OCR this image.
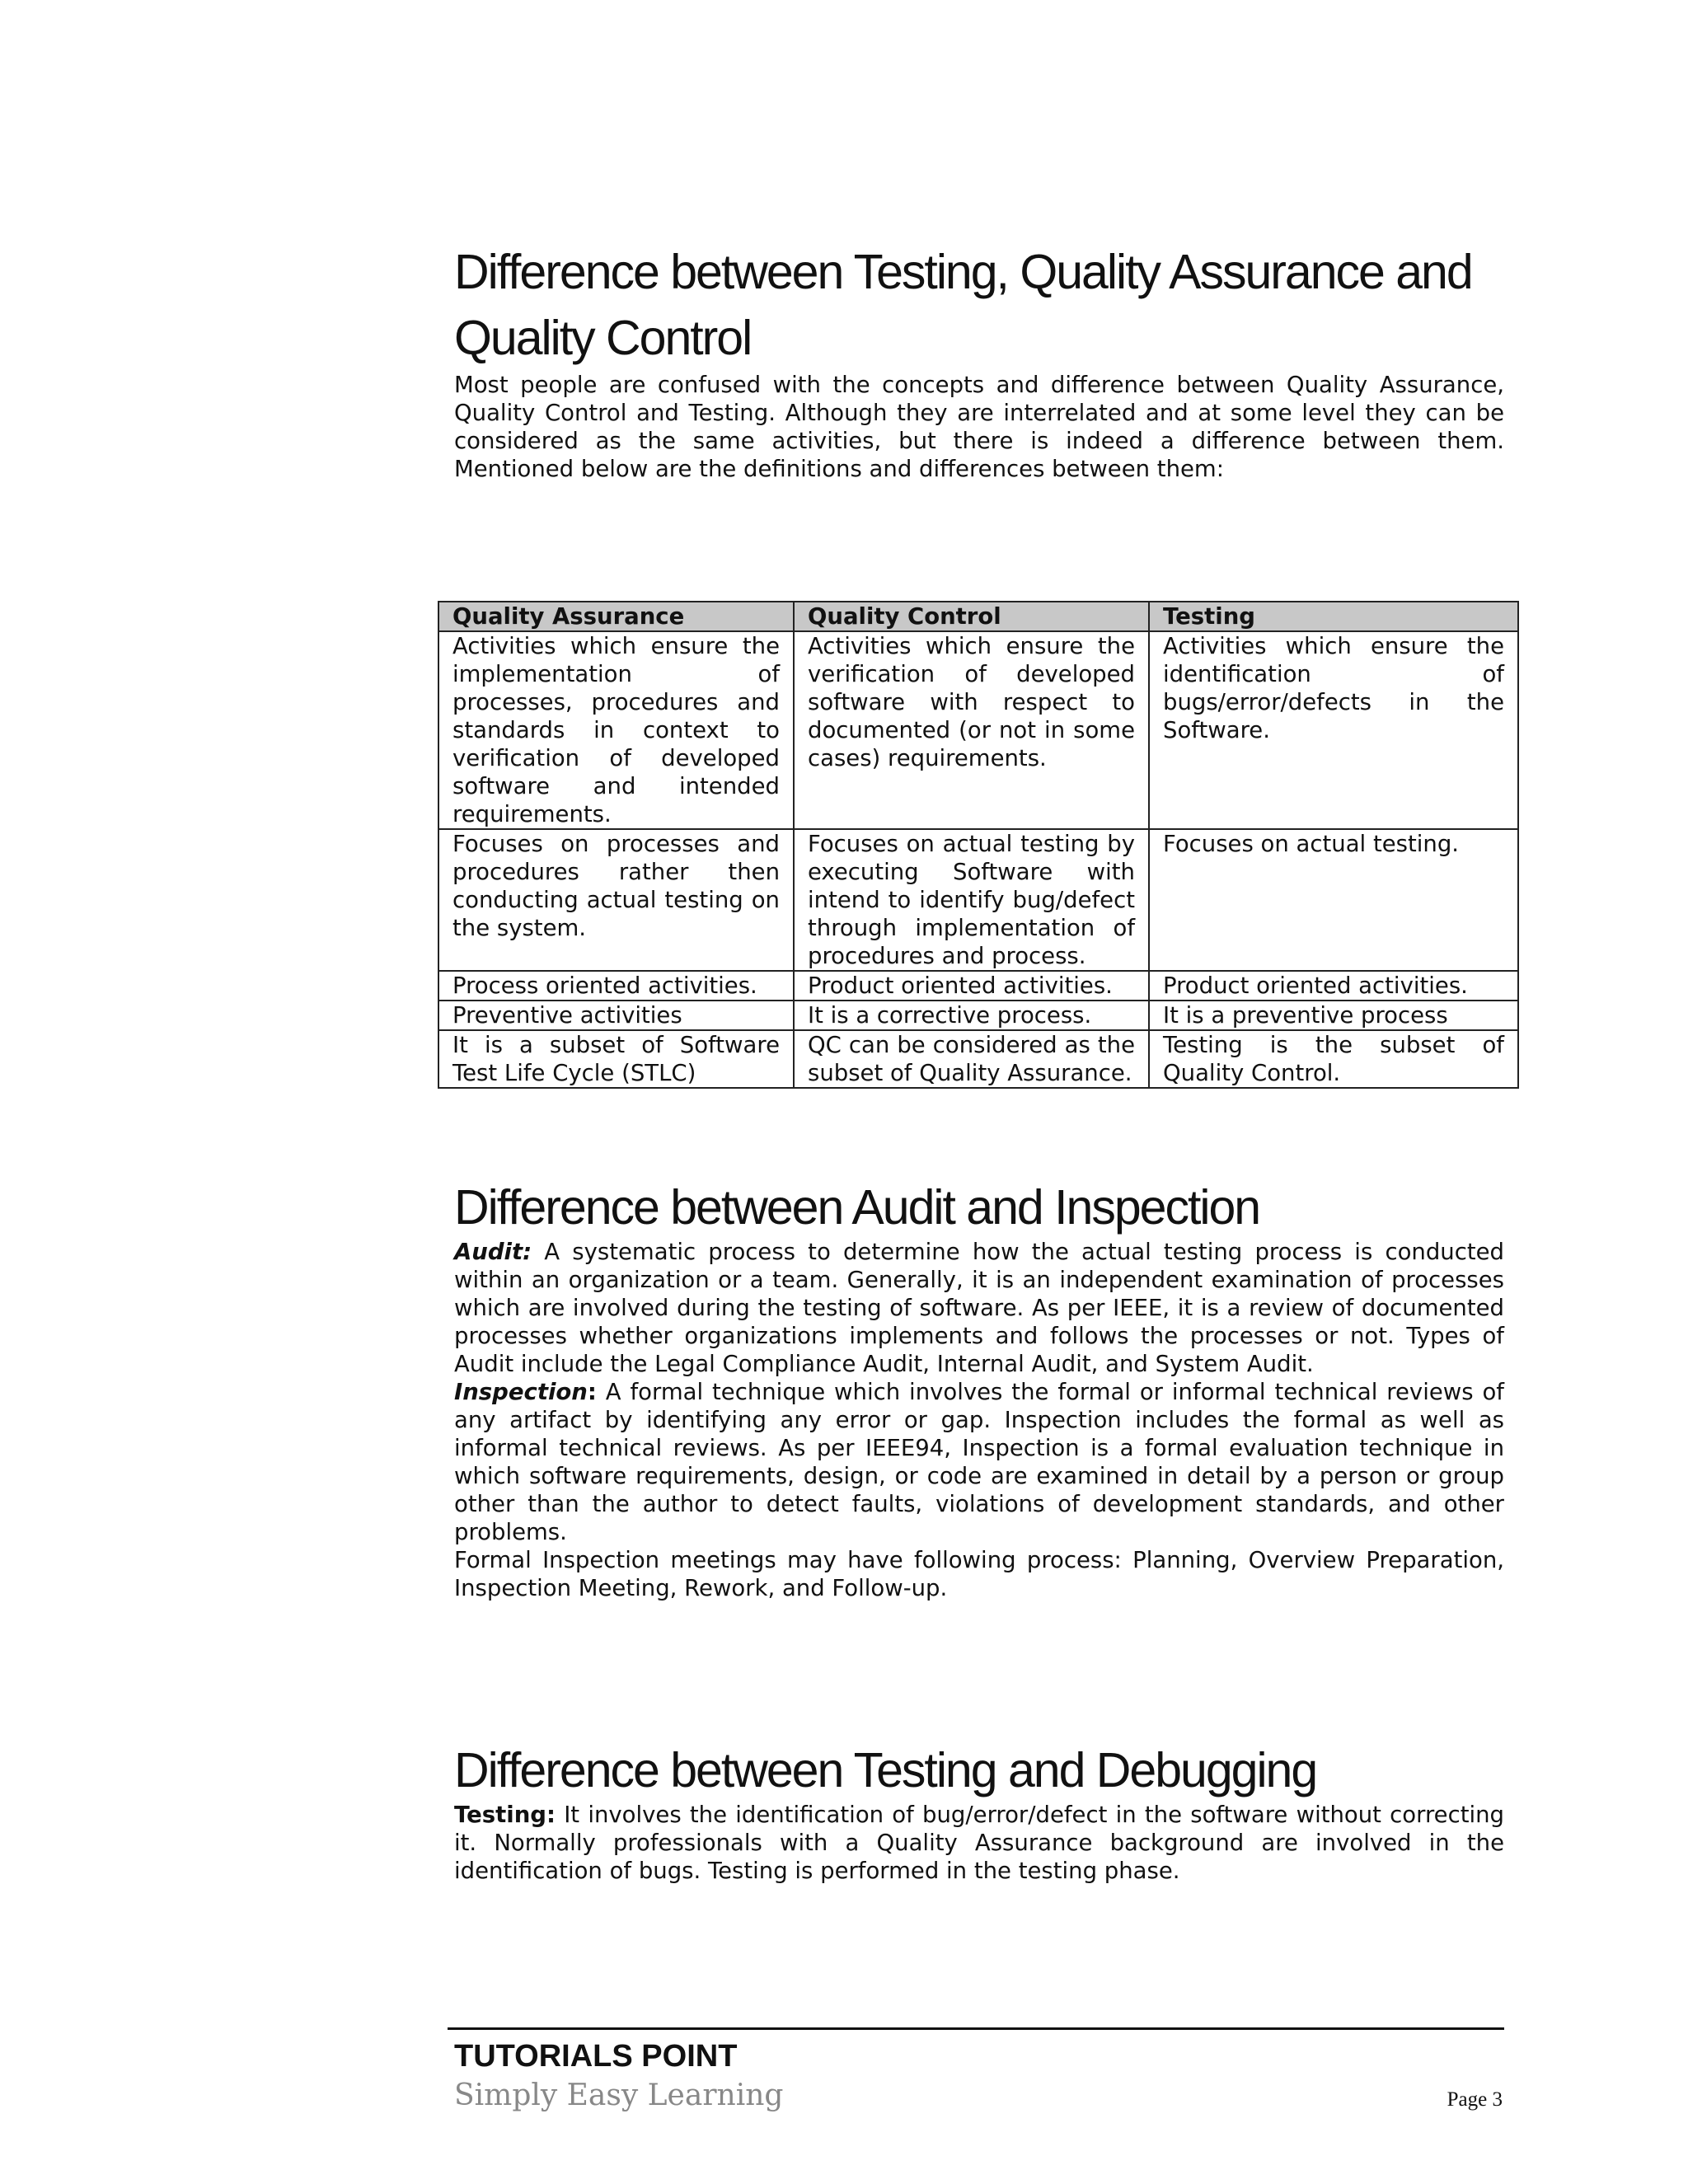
Difference between Testing, Quality Assurance and Quality Control

Most people are confused with the concepts and difference between Quality Assurance, Quality Control and Testing. Although they are interrelated and at some level they can be considered as the same activities, but there is indeed a difference between them. Mentioned below are the definitions and differences between them:

Quality Assurance	Quality Control	Testing
Activities which ensure the implementation of processes, procedures and standards in context to verification of developed software and intended requirements.	Activities which ensure the verification of developed software with respect to documented (or not in some cases) requirements.	Activities which ensure the identification of bugs/error/defects in the Software.
Focuses on processes and procedures rather then conducting actual testing on the system.	Focuses on actual testing by executing Software with intend to identify bug/defect through implementation of procedures and process.	Focuses on actual testing.
Process oriented activities.	Product oriented activities.	Product oriented activities.
Preventive activities	It is a corrective process.	It is a preventive process
It is a subset of Software Test Life Cycle (STLC)	QC can be considered as the subset of Quality Assurance.	Testing is the subset of Quality Control.
Difference between Audit and Inspection

Audit: A systematic process to determine how the actual testing process is conducted within an organization or a team. Generally, it is an independent examination of processes which are involved during the testing of software. As per IEEE, it is a review of documented processes whether organizations implements and follows the processes or not. Types of Audit include the Legal Compliance Audit, Internal Audit, and System Audit.

Inspection: A formal technique which involves the formal or informal technical reviews of any artifact by identifying any error or gap. Inspection includes the formal as well as informal technical reviews. As per IEEE94, Inspection is a formal evaluation technique in which software requirements, design, or code are examined in detail by a person or group other than the author to detect faults, violations of development standards, and other problems.

Formal Inspection meetings may have following process: Planning, Overview Preparation, Inspection Meeting, Rework, and Follow-up.

Difference between Testing and Debugging

Testing: It involves the identification of bug/error/defect in the software without correcting it. Normally professionals with a Quality Assurance background are involved in the identification of bugs. Testing is performed in the testing phase.

TUTORIALS POINT
Simply Easy Learning	Page 3
